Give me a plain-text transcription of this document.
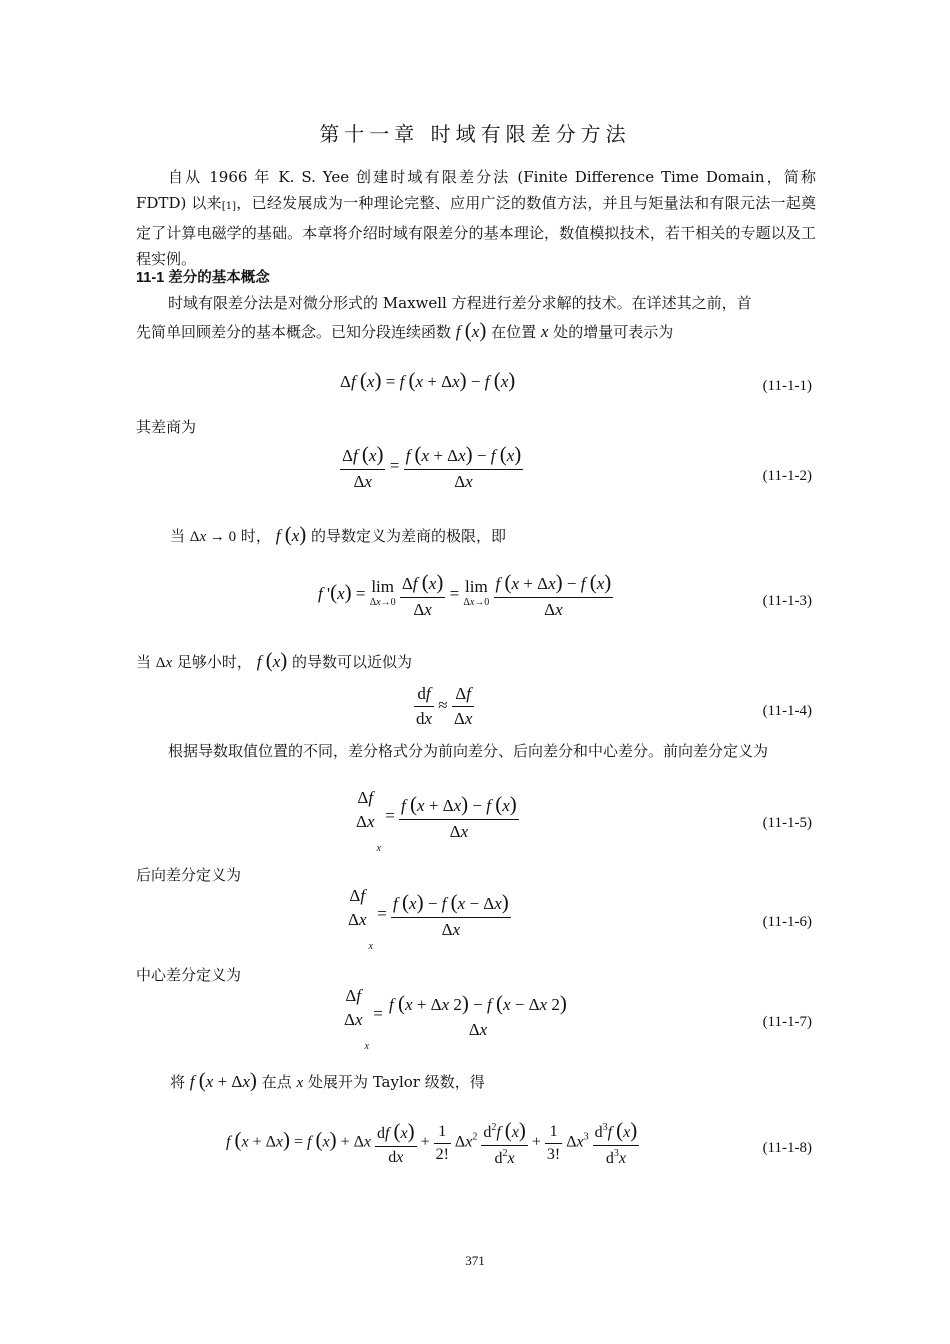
第十一章 时域有限差分方法
自从 1966 年 K. S. Yee 创建时域有限差分法 (Finite Difference Time Domain，简称 FDTD) 以来[1]，已经发展成为一种理论完整、应用广泛的数值方法，并且与矩量法和有限元法一起奠定了计算电磁学的基础。本章将介绍时域有限差分的基本理论，数值模拟技术，若干相关的专题以及工程实例。
11-1 差分的基本概念
时域有限差分法是对微分形式的 Maxwell 方程进行差分求解的技术。在详述其之前，首
先简单回顾差分的基本概念。已知分段连续函数 f (x) 在位置 x 处的增量可表示为
Δf (x) = f (x + Δx) − f (x)	(11-1-1)
其差商为
$\frac{\Delta f (x)}{\Delta x} = \frac{f (x + \Delta x) - f (x)}{\Delta x}$	(11-1-2)
当 Δx → 0 时， f (x) 的导数定义为差商的极限，即
f '(x) = lim
Δx→0
$\frac{\Delta f (x)}{\Delta x} = \lim$
Δx→0
$\frac{f (x + \Delta x) - f (x)}{\Delta x}$	(11-1-3)
当 Δx 足够小时， f (x) 的导数可以近似为
$\frac{df}{dx} \approx \frac{\Delta f}{\Delta x}$	(11-1-4)
根据导数取值位置的不同，差分格式分为前向差分、后向差分和中心差分。前向差分定义为
Δf
Δx
$_x = \frac{f (x + \Delta x) - f (x)}{\Delta x}$	(11-1-5)
后向差分定义为
Δf
Δx
$_x = \frac{f (x) - f (x - \Delta x)}{\Delta x}$	(11-1-6)
中心差分定义为
Δf
Δx
$_x$ = f (x + Δx 2) − f (x − Δx 2)
Δx	(11-1-7)
将 f (x + Δx) 在点 x 处展开为 Taylor 级数，得
f (x + Δx) = f (x) + Δx $\frac{df (x)}{dx} + \frac{1}{2!} \Delta x^2 \frac{d^2f (x)}{d^2x} + \frac{1}{3!} \Delta x^3 \frac{d^3f (x)}{d^3x}$	(11-1-8)
371
